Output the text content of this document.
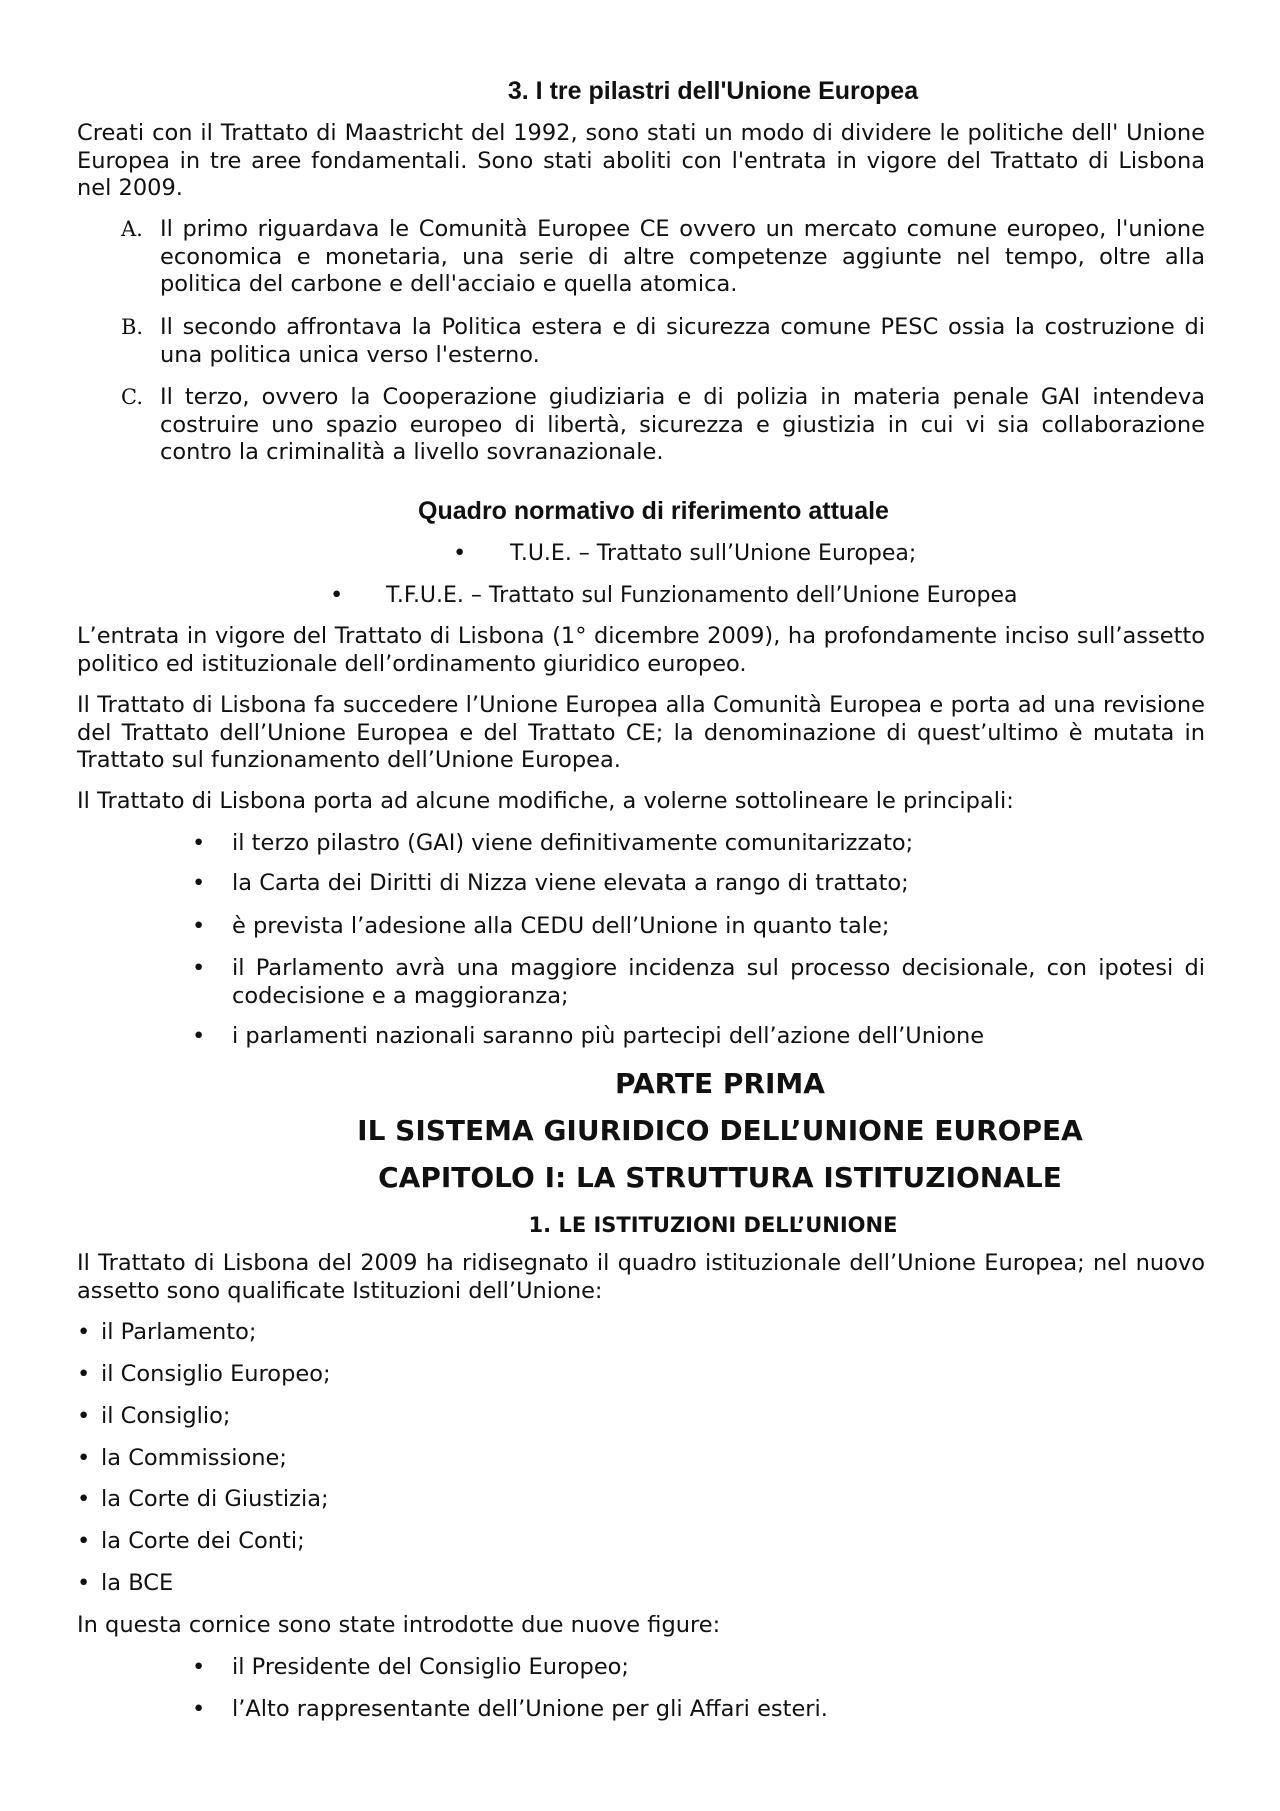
3. I tre pilastri dell'Unione Europea

Creati con il Trattato di Maastricht del 1992, sono stati un modo di dividere le politiche dell' Unione Europea in tre aree fondamentali. Sono stati aboliti con l'entrata in vigore del Trattato di Lisbona nel 2009.

A. Il primo riguardava le Comunità Europee CE ovvero un mercato comune europeo, l'unione economica e monetaria, una serie di altre competenze aggiunte nel tempo, oltre alla politica del carbone e dell'acciaio e quella atomica.
B. Il secondo affrontava la Politica estera e di sicurezza comune PESC ossia la costruzione di una politica unica verso l'esterno.
C. Il terzo, ovvero la Cooperazione giudiziaria e di polizia in materia penale GAI intendeva costruire uno spazio europeo di libertà, sicurezza e giustizia in cui vi sia collaborazione contro la criminalità a livello sovranazionale.
Quadro normativo di riferimento attuale
• T.U.E. – Trattato sull’Unione Europea;
• T.F.U.E. – Trattato sul Funzionamento dell’Unione Europea

L’entrata in vigore del Trattato di Lisbona (1° dicembre 2009), ha profondamente inciso sull’assetto politico ed istituzionale dell’ordinamento giuridico europeo.

Il Trattato di Lisbona fa succedere l’Unione Europea alla Comunità Europea e porta ad una revisione del Trattato dell’Unione Europea e del Trattato CE; la denominazione di quest’ultimo è mutata in Trattato sul funzionamento dell’Unione Europea.

Il Trattato di Lisbona porta ad alcune modifiche, a volerne sottolineare le principali:

• il terzo pilastro (GAI) viene definitivamente comunitarizzato;
• la Carta dei Diritti di Nizza viene elevata a rango di trattato;
• è prevista l’adesione alla CEDU dell’Unione in quanto tale;
• il Parlamento avrà una maggiore incidenza sul processo decisionale, con ipotesi di codecisione e a maggioranza;
• i parlamenti nazionali saranno più partecipi dell’azione dell’Unione
PARTE PRIMA
IL SISTEMA GIURIDICO DELL’UNIONE EUROPEA
CAPITOLO I: LA STRUTTURA ISTITUZIONALE
1. LE ISTITUZIONI DELL’UNIONE

Il Trattato di Lisbona del 2009 ha ridisegnato il quadro istituzionale dell’Unione Europea; nel nuovo assetto sono qualificate Istituzioni dell’Unione:

• il Parlamento;
• il Consiglio Europeo;
• il Consiglio;
• la Commissione;
• la Corte di Giustizia;
• la Corte dei Conti;
• la BCE

In questa cornice sono state introdotte due nuove figure:

• il Presidente del Consiglio Europeo;
• l’Alto rappresentante dell’Unione per gli Affari esteri.
